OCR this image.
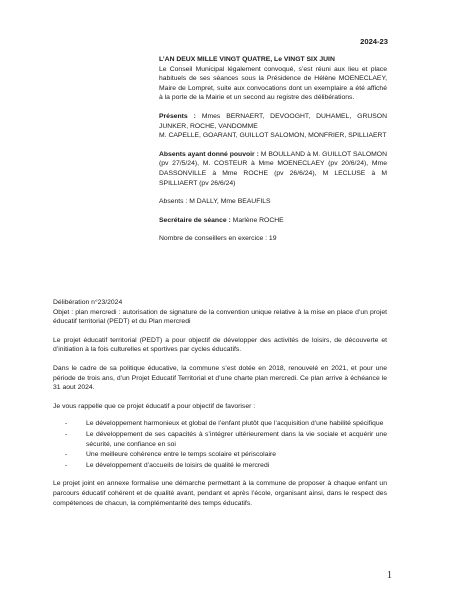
2024-23

L’AN DEUX MILLE VINGT QUATRE, Le VINGT SIX JUIN

Le Conseil Municipal légalement convoqué, s’est réuni aux lieu et place habituels de ses séances sous la Présidence de Hélène MOENECLAEY, Maire de Lompret, suite aux convocations dont un exemplaire a été affiché à la porte de la Mairie et un second au registre des délibérations.

Présents : Mmes BERNAERT, DEVOOGHT, DUHAMEL, GRUSON JUNKER, ROCHE, VANDOMME

M. CAPELLE, GOARANT, GUILLOT SALOMON, MONFRIER, SPILLIAERT

Absents ayant donné pouvoir : M BOULLAND à M. GUILLOT SALOMON (pv 27/5/24), M. COSTEUR à Mme MOENECLAEY (pv 20/6/24), Mme DASSONVILLE à Mme ROCHE (pv 26/6/24), M LECLUSE à M SPILLIAERT (pv 26/6/24)

Absents : M DALLY, Mme BEAUFILS

Secrétaire de séance : Marlène ROCHE

Nombre de conseillers en exercice : 19

Délibération n°23/2024

Objet : plan mercredi : autorisation de signature de la convention unique relative à la mise en place d’un projet éducatif territorial (PEDT) et du Plan mercredi

Le projet éducatif territorial (PEDT) a pour objectif de développer des activités de loisirs, de découverte et d’initiation à la fois culturelles et sportives par cycles éducatifs.

Dans le cadre de sa politique éducative, la commune s’est dotée en 2018, renouvelé en 2021, et pour une période de trois ans, d’un Projet Educatif Territorial et d’une charte plan mercredi. Ce plan arrive à échéance le 31 aout 2024.

Je vous rappelle que ce projet éducatif a pour objectif de favoriser :

-	Le développement harmonieux et global de l’enfant plutôt que l’acquisition d’une habilité spécifique
-	Le développement de ses capacités à s’intégrer ultérieurement dans la vie sociale et acquérir une sécurité, une confiance en soi
-	Une meilleure cohérence entre le temps scolaire et périscolaire
-	Le développement d’accueils de loisirs de qualité le mercredi

Le projet joint en annexe formalise une démarche permettant à la commune de proposer à chaque enfant un parcours éducatif cohérent et de qualité avant, pendant et après l’école, organisant ainsi, dans le respect des compétences de chacun, la complémentarité des temps éducatifs.

1
